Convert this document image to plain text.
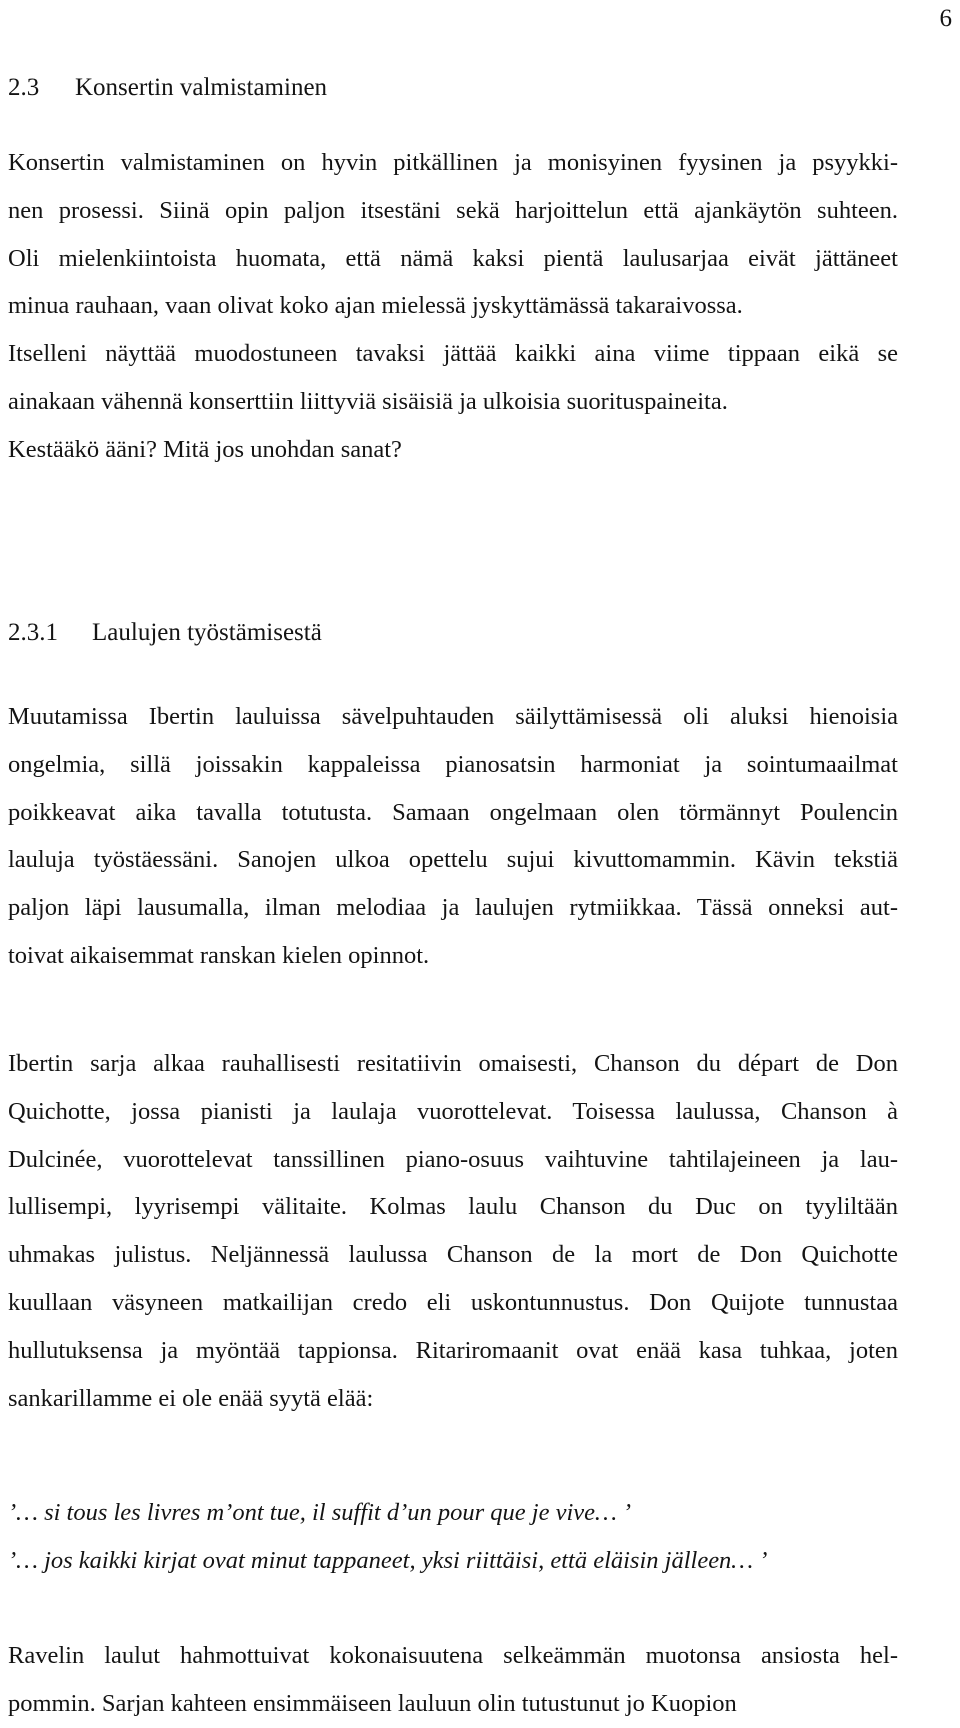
6
2.3 Konsertin valmistaminen
Konsertin valmistaminen on hyvin pitkällinen ja monisyinen fyysinen ja psyykki-
nen prosessi. Siinä opin paljon itsestäni sekä harjoittelun että ajankäytön suhteen.
Oli mielenkiintoista huomata, että nämä kaksi pientä laulusarjaa eivät jättäneet
minua rauhaan, vaan olivat koko ajan mielessä jyskyttämässä takaraivossa.
Itselleni näyttää muodostuneen tavaksi jättää kaikki aina viime tippaan eikä se
ainakaan vähennä konserttiin liittyviä sisäisiä ja ulkoisia suorituspaineita.
Kestääkö ääni? Mitä jos unohdan sanat?
2.3.1 Laulujen työstämisestä
Muutamissa Ibertin lauluissa sävelpuhtauden säilyttämisessä oli aluksi hienoisia
ongelmia, sillä joissakin kappaleissa pianosatsin harmoniat ja sointumaailmat
poikkeavat aika tavalla totutusta. Samaan ongelmaan olen törmännyt Poulencin
lauluja työstäessäni. Sanojen ulkoa opettelu sujui kivuttomammin. Kävin tekstiä
paljon läpi lausumalla, ilman melodiaa ja laulujen rytmiikkaa. Tässä onneksi aut-
toivat aikaisemmat ranskan kielen opinnot.
Ibertin sarja alkaa rauhallisesti resitatiivin omaisesti, Chanson du départ de Don
Quichotte, jossa pianisti ja laulaja vuorottelevat. Toisessa laulussa, Chanson à
Dulcinée, vuorottelevat tanssillinen piano-osuus vaihtuvine tahtilajeineen ja lau-
lullisempi, lyyrisempi välitaite. Kolmas laulu Chanson du Duc on tyyliltään
uhmakas julistus. Neljännessä laulussa Chanson de la mort de Don Quichotte
kuullaan väsyneen matkailijan credo eli uskontunnustus. Don Quijote tunnustaa
hullutuksensa ja myöntää tappionsa. Ritariromaanit ovat enää kasa tuhkaa, joten
sankarillamme ei ole enää syytä elää:
’… si tous les livres m’ont tue, il suffit d’un pour que je vive… ’
’… jos kaikki kirjat ovat minut tappaneet, yksi riittäisi, että eläisin jälleen… ’
Ravelin laulut hahmottuivat kokonaisuutena selkeämmän muotonsa ansiosta hel-
pommin. Sarjan kahteen ensimmäiseen lauluun olin tutustunut jo Kuopion
